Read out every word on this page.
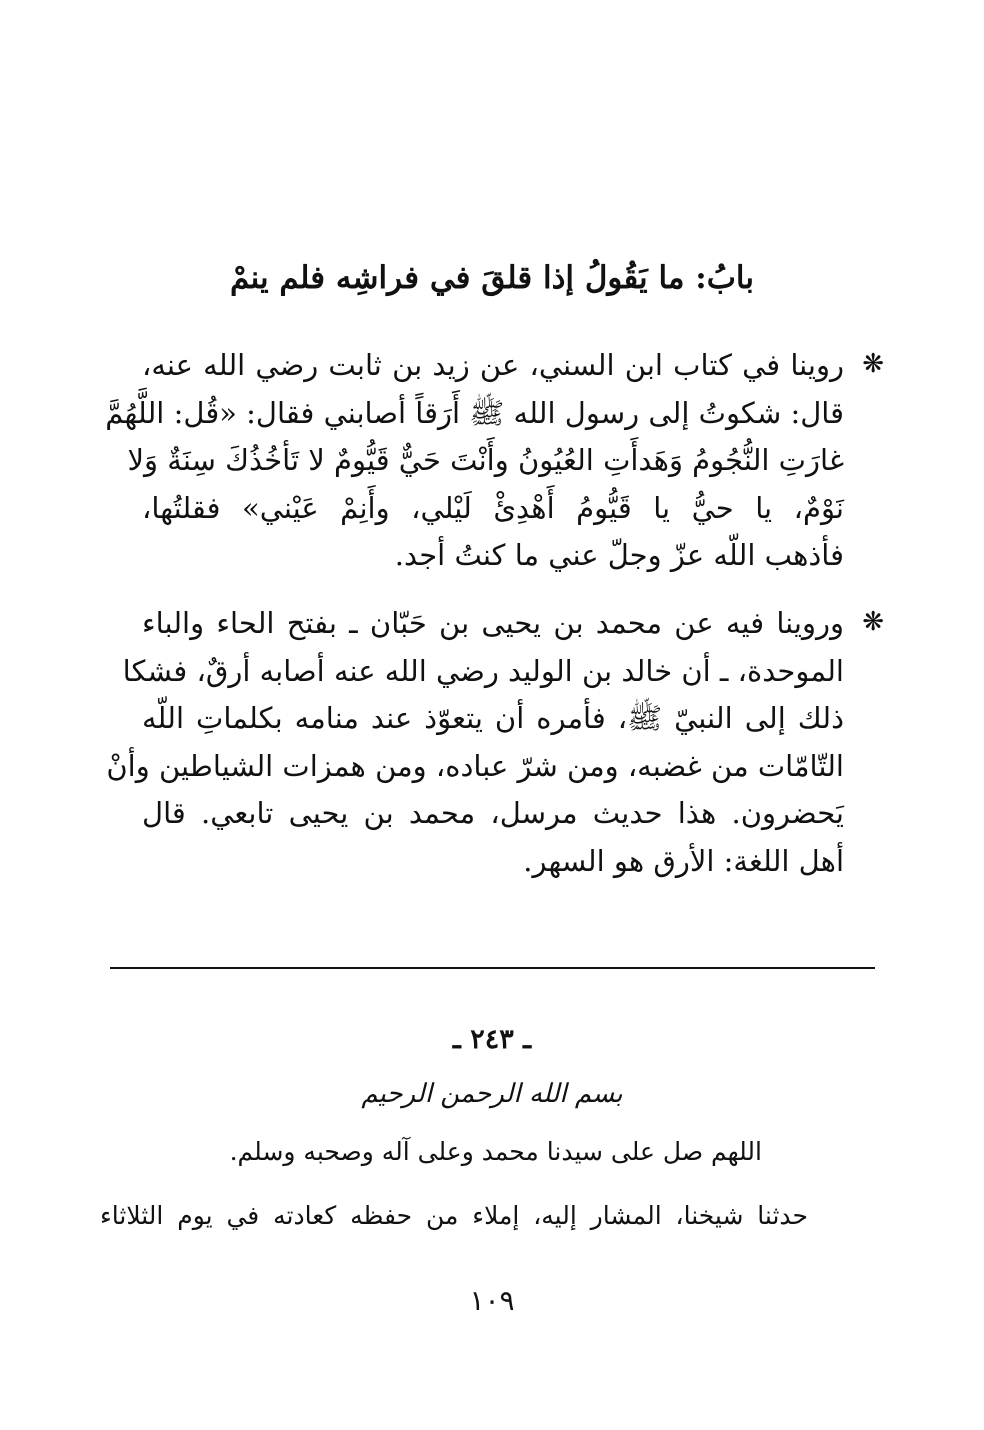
بابُ: ما يَقُولُ إذا قلقَ في فراشِه فلم ينمْ
❋
روينا في كتاب ابن السني، عن زيد بن ثابت رضي الله عنه،
قال: شكوتُ إلى رسول الله ﷺ أَرَقاً أصابني فقال: «قُل: اللَّهُمَّ
غارَتِ النُّجُومُ وَهَدأَتِ العُيُونُ وأَنْتَ حَيٌّ قَيُّومٌ لا تَأخُذُكَ سِنَةٌ وَلا
نَوْمٌ، يا حيُّ يا قَيُّومُ أَهْدِئْ لَيْلي، وأَنِمْ عَيْني» فقلتُها،
فأذهب اللّه عزّ وجلّ عني ما كنتُ أجد.
❋
وروينا فيه عن محمد بن يحيى بن حَبّان ـ بفتح الحاء والباء
الموحدة، ـ أن خالد بن الوليد رضي الله عنه أصابه أرقٌ، فشكا
ذلك إلى النبيّ ﷺ، فأمره أن يتعوّذ عند منامه بكلماتِ اللّه
التّامّات من غضبه، ومن شرّ عباده، ومن همزات الشياطين وأنْ
يَحضرون. هذا حديث مرسل، محمد بن يحيى تابعي. قال
أهل اللغة: الأرق هو السهر.
ـ ٢٤٣ ـ
بسم الله الرحمن الرحيم
اللهم صل على سيدنا محمد وعلى آله وصحبه وسلم.
حدثنا شيخنا، المشار إليه، إملاء من حفظه كعادته في يوم الثلاثاء
١٠٩
